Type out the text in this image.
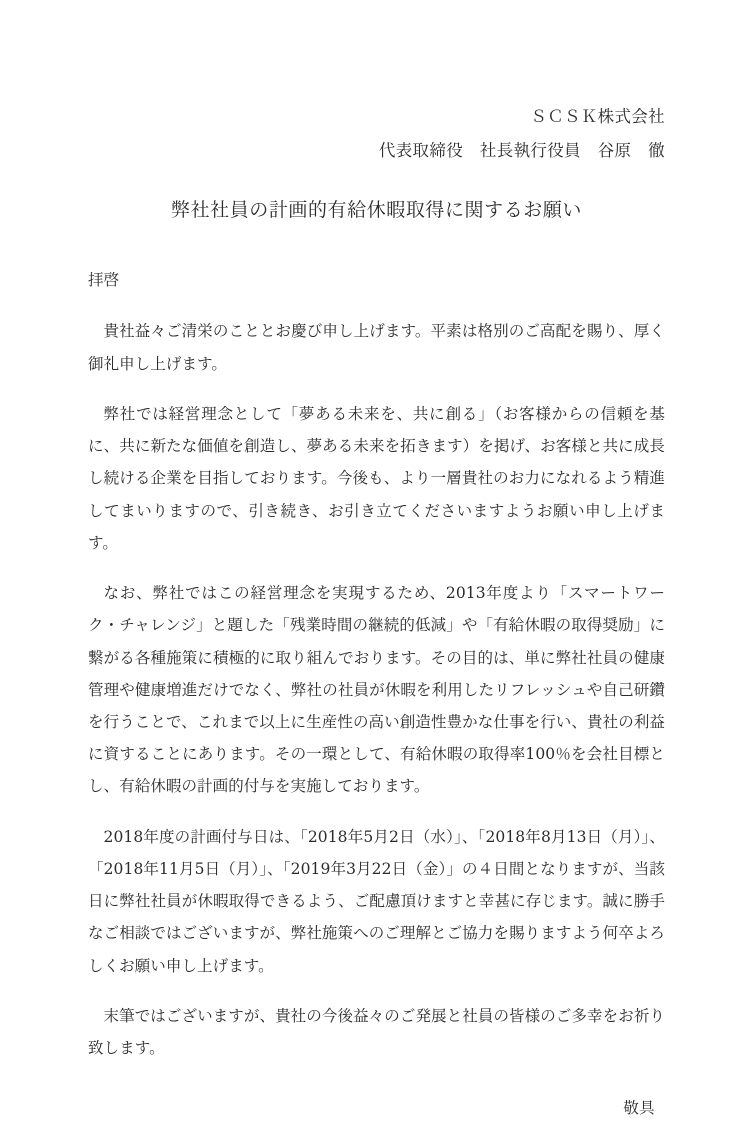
ＳＣＳＫ株式会社
代表取締役　社長執行役員　谷原　徹
弊社社員の計画的有給休暇取得に関するお願い
拝啓

貴社益々ご清栄のこととお慶び申し上げます。平素は格別のご高配を賜り、厚く御礼申し上げます。

弊社では経営理念として「夢ある未来を、共に創る」（お客様からの信頼を基に、共に新たな価値を創造し、夢ある未来を拓きます）を掲げ、お客様と共に成長し続ける企業を目指しております。今後も、より一層貴社のお力になれるよう精進してまいりますので、引き続き、お引き立てくださいますようお願い申し上げます。

なお、弊社ではこの経営理念を実現するため、2013年度より「スマートワーク・チャレンジ」と題した「残業時間の継続的低減」や「有給休暇の取得奨励」に繋がる各種施策に積極的に取り組んでおります。その目的は、単に弊社社員の健康管理や健康増進だけでなく、弊社の社員が休暇を利用したリフレッシュや自己研鑽を行うことで、これまで以上に生産性の高い創造性豊かな仕事を行い、貴社の利益に資することにあります。その一環として、有給休暇の取得率100％を会社目標とし、有給休暇の計画的付与を実施しております。

2018年度の計画付与日は、「2018年5月2日（水）」、「2018年8月13日（月）」、「2018年11月5日（月）」、「2019年3月22日（金）」の４日間となりますが、当該日に弊社社員が休暇取得できるよう、ご配慮頂けますと幸甚に存じます。誠に勝手なご相談ではございますが、弊社施策へのご理解とご協力を賜りますよう何卒よろしくお願い申し上げます。

末筆ではございますが、貴社の今後益々のご発展と社員の皆様のご多幸をお祈り致します。

敬具
